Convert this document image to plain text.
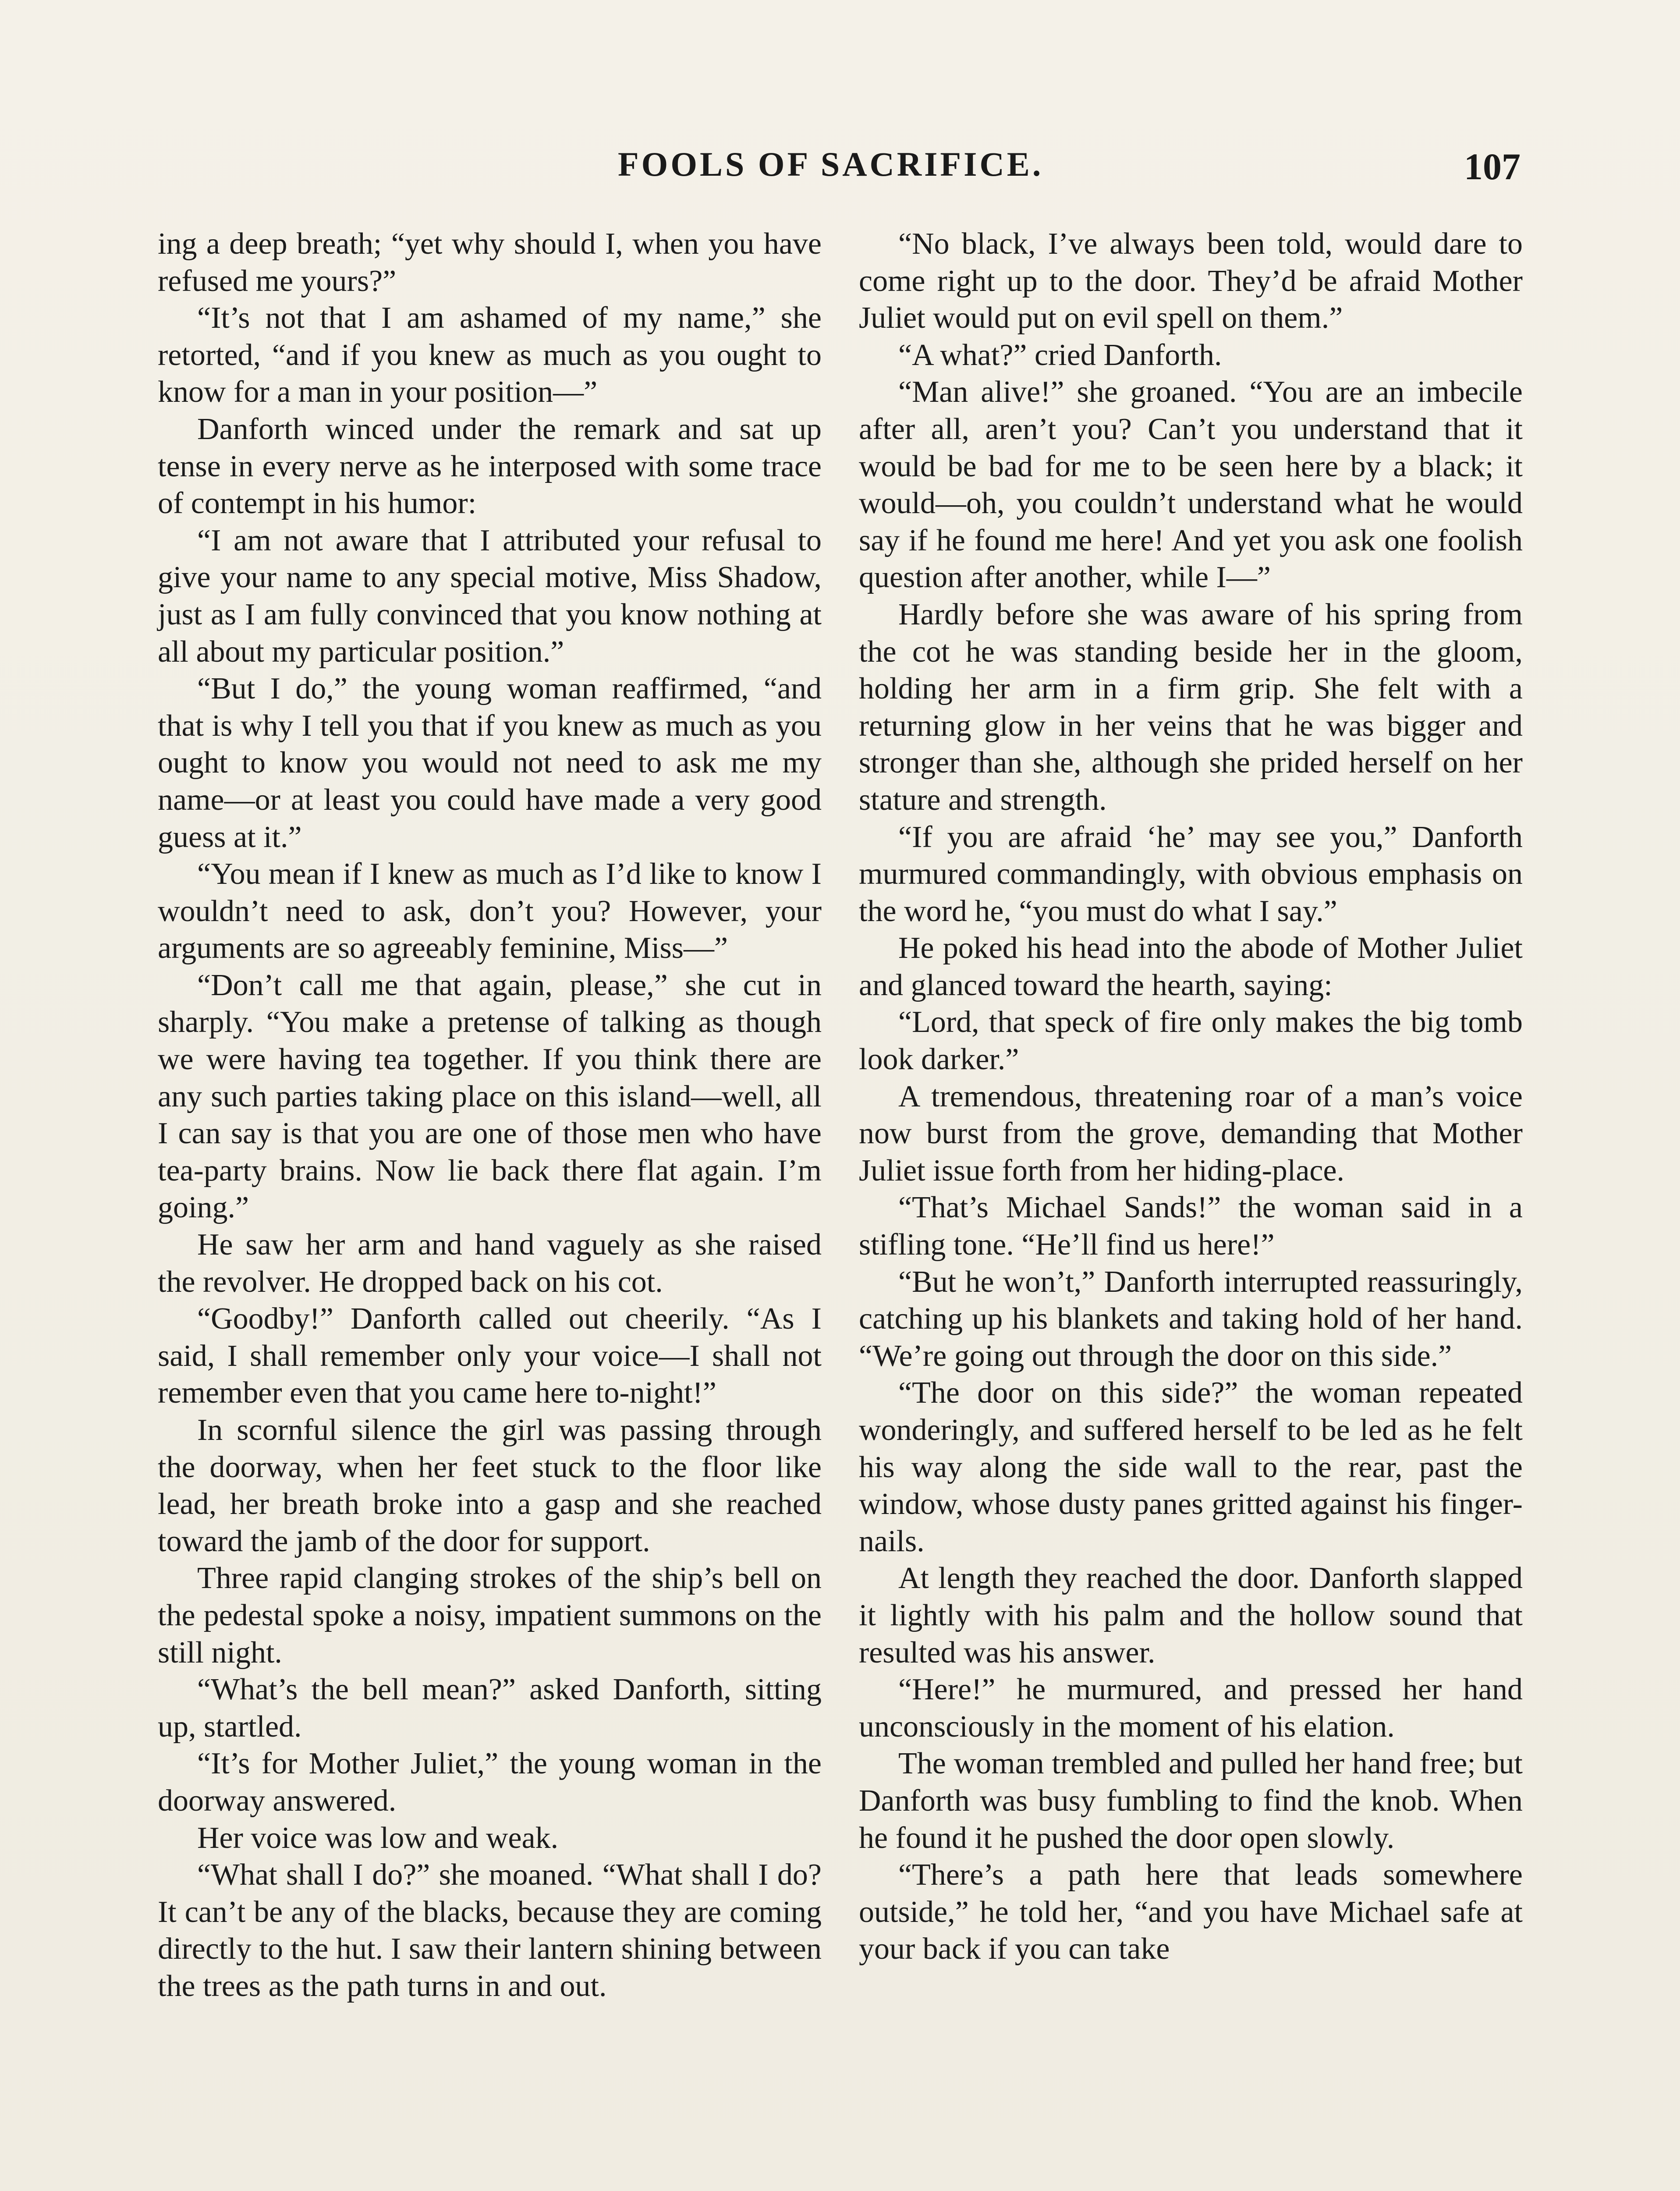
FOOLS OF SACRIFICE.	107

ing a deep breath; “yet why should I, when you have refused me yours?”

“It’s not that I am ashamed of my name,” she retorted, “and if you knew as much as you ought to know for a man in your position—”

Danforth winced under the remark and sat up tense in every nerve as he interposed with some trace of contempt in his humor:

“I am not aware that I attributed your refusal to give your name to any special motive, Miss Shadow, just as I am fully convinced that you know nothing at all about my particular position.”

“But I do,” the young woman reaffirmed, “and that is why I tell you that if you knew as much as you ought to know you would not need to ask me my name—or at least you could have made a very good guess at it.”

“You mean if I knew as much as I’d like to know I wouldn’t need to ask, don’t you? However, your arguments are so agreeably feminine, Miss—”

“Don’t call me that again, please,” she cut in sharply. “You make a pretense of talking as though we were having tea together. If you think there are any such parties taking place on this island—well, all I can say is that you are one of those men who have tea-party brains. Now lie back there flat again. I’m going.”

He saw her arm and hand vaguely as she raised the revolver. He dropped back on his cot.

“Goodby!” Danforth called out cheerily. “As I said, I shall remember only your voice—I shall not remember even that you came here to-night!”

In scornful silence the girl was passing through the doorway, when her feet stuck to the floor like lead, her breath broke into a gasp and she reached toward the jamb of the door for support.

Three rapid clanging strokes of the ship’s bell on the pedestal spoke a noisy, impatient summons on the still night.

“What’s the bell mean?” asked Danforth, sitting up, startled.

“It’s for Mother Juliet,” the young woman in the doorway answered.

Her voice was low and weak.

“What shall I do?” she moaned. “What shall I do? It can’t be any of the blacks, because they are coming directly to the hut. I saw their lantern shining between the trees as the path turns in and out.

“No black, I’ve always been told, would dare to come right up to the door. They’d be afraid Mother Juliet would put on evil spell on them.”

“A what?” cried Danforth.

“Man alive!” she groaned. “You are an imbecile after all, aren’t you? Can’t you understand that it would be bad for me to be seen here by a black; it would—oh, you couldn’t understand what he would say if he found me here! And yet you ask one foolish question after another, while I—”

Hardly before she was aware of his spring from the cot he was standing beside her in the gloom, holding her arm in a firm grip. She felt with a returning glow in her veins that he was bigger and stronger than she, although she prided herself on her stature and strength.

“If you are afraid ‘he’ may see you,” Danforth murmured commandingly, with obvious emphasis on the word he, “you must do what I say.”

He poked his head into the abode of Mother Juliet and glanced toward the hearth, saying:

“Lord, that speck of fire only makes the big tomb look darker.”

A tremendous, threatening roar of a man’s voice now burst from the grove, demanding that Mother Juliet issue forth from her hiding-place.

“That’s Michael Sands!” the woman said in a stifling tone. “He’ll find us here!”

“But he won’t,” Danforth interrupted reassuringly, catching up his blankets and taking hold of her hand. “We’re going out through the door on this side.”

“The door on this side?” the woman repeated wonderingly, and suffered herself to be led as he felt his way along the side wall to the rear, past the window, whose dusty panes gritted against his finger-nails.

At length they reached the door. Danforth slapped it lightly with his palm and the hollow sound that resulted was his answer.

“Here!” he murmured, and pressed her hand unconsciously in the moment of his elation.

The woman trembled and pulled her hand free; but Danforth was busy fumbling to find the knob. When he found it he pushed the door open slowly.

“There’s a path here that leads somewhere outside,” he told her, “and you have Michael safe at your back if you can take
